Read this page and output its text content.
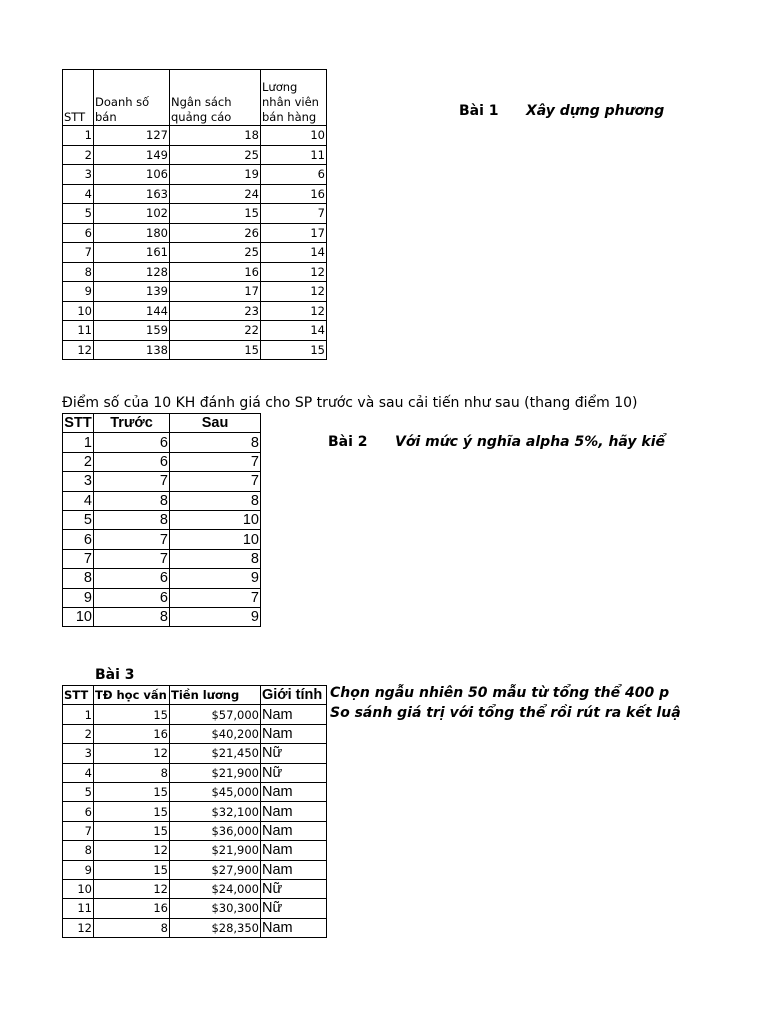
STT	Doanh số bán	Ngân sách quảng cáo	Lương nhân viên bán hàng
1	127	18	10
2	149	25	11
3	106	19	6
4	163	24	16
5	102	15	7
6	180	26	17
7	161	25	14
8	128	16	12
9	139	17	12
10	144	23	12
11	159	22	14
12	138	15	15
Bài 1 Xây dựng phương
Điểm số của 10 KH đánh giá cho SP trước và sau cải tiến như sau (thang điểm 10)
STT	Trước	Sau
1	6	8
2	6	7
3	7	7
4	8	8
5	8	10
6	7	10
7	7	8
8	6	9
9	6	7
10	8	9
Bài 2 Với mức ý nghĩa alpha 5%, hãy kiể
Bài 3
STT	TĐ học vấn	Tiền lương	Giới tính
1	15	$57,000	Nam
2	16	$40,200	Nam
3	12	$21,450	Nữ
4	8	$21,900	Nữ
5	15	$45,000	Nam
6	15	$32,100	Nam
7	15	$36,000	Nam
8	12	$21,900	Nam
9	15	$27,900	Nam
10	12	$24,000	Nữ
11	16	$30,300	Nữ
12	8	$28,350	Nam
Chọn ngẫu nhiên 50 mẫu từ tổng thể 400 p
So sánh giá trị với tổng thể rồi rút ra kết luậ
